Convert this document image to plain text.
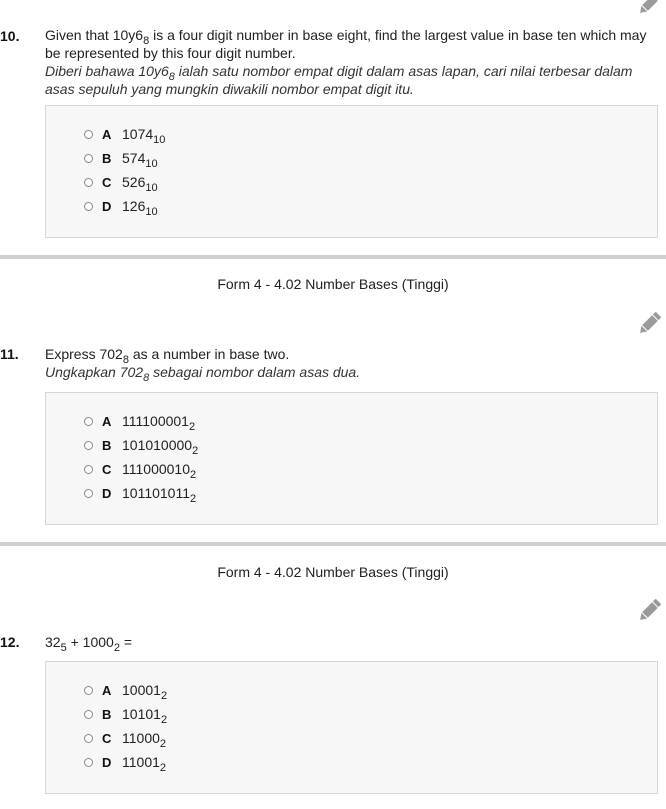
10. Given that $10y6_8$ is a four digit number in base eight, find the largest value in base ten which may be represented by this four digit number.
Diberi bahawa $10y6_8$ ialah satu nombor empat digit dalam asas lapan, cari nilai terbesar dalam asas sepuluh yang mungkin diwakili nombor empat digit itu.
A $1074_{10}$
B $574_{10}$
C $526_{10}$
D $126_{10}$
Form 4 - 4.02 Number Bases (Tinggi)
11. Express $702_8$ as a number in base two.
Ungkapkan $702_8$ sebagai nombor dalam asas dua.
A $111100001_2$
B $101010000_2$
C $111000010_2$
D $101101011_2$
Form 4 - 4.02 Number Bases (Tinggi)
12. $32_5 + 1000_2$ =
A $10001_2$
B $10101_2$
C $11000_2$
D $11001_2$
